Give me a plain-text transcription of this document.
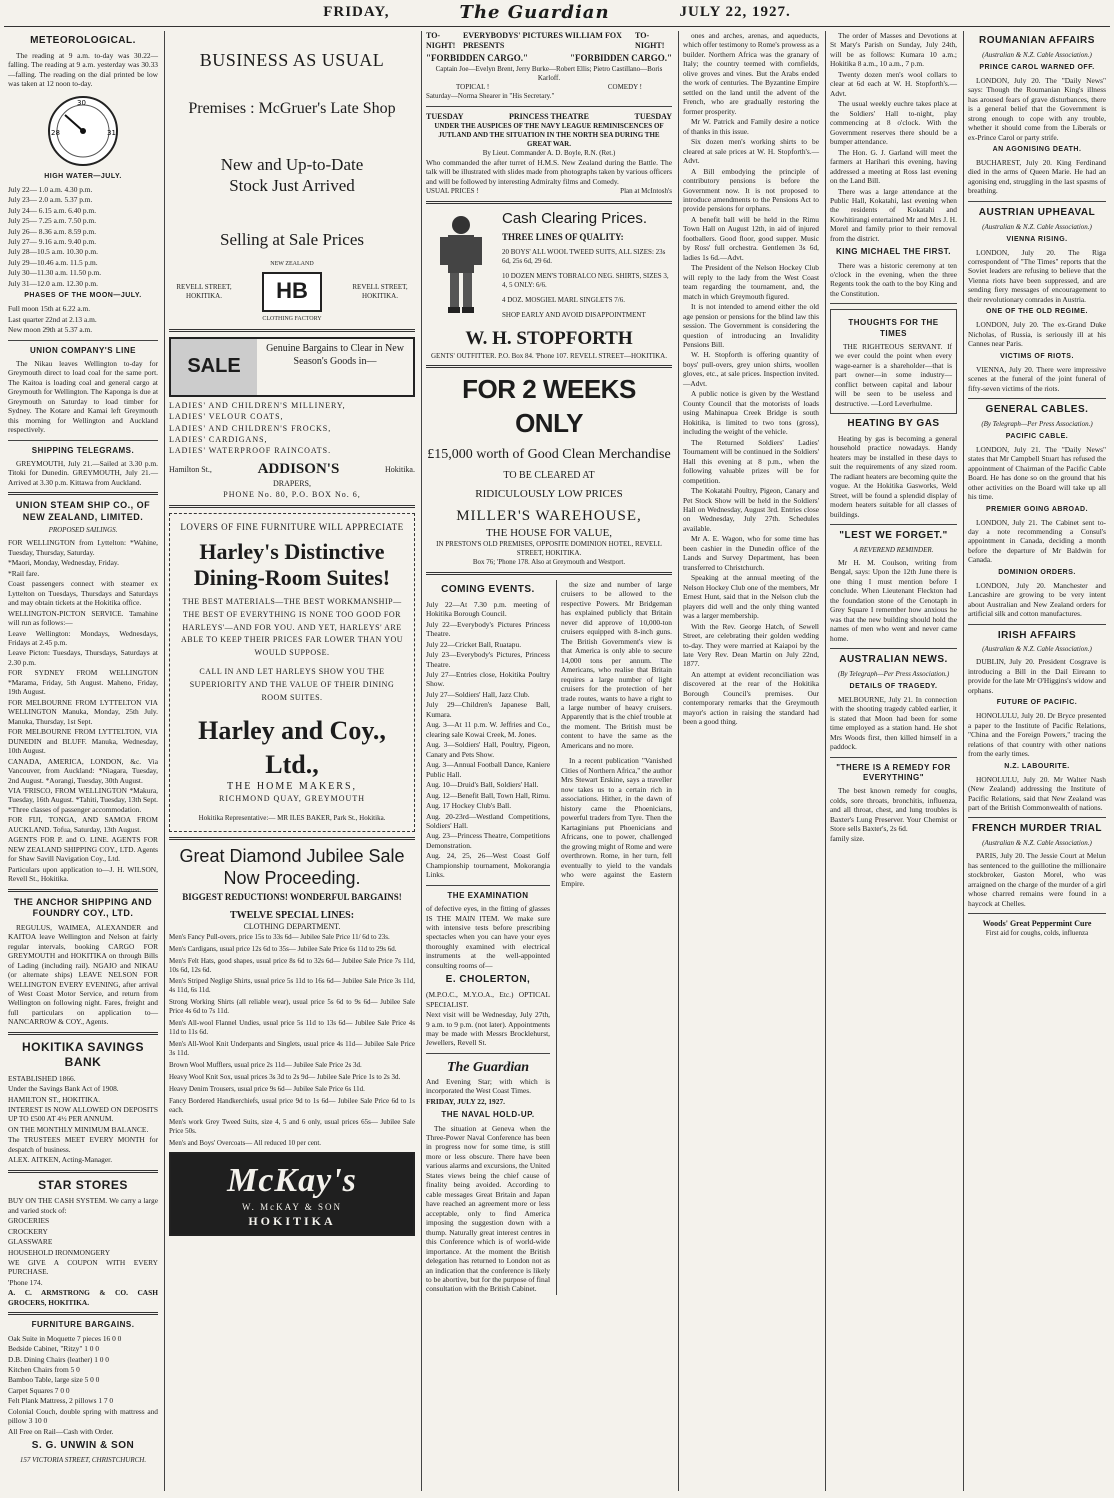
FRIDAY,	The Guardian	JULY 22, 1927.
METEOROLOGICAL.

The reading at 9 a.m. to-day was 30.22—falling. The reading at 9 a.m. yesterday was 30.33—falling. The reading on the dial printed be low was taken at 12 noon to-day.

28	31
30
HIGH WATER—JULY.

July 22— 1.0 a.m. 4.30 p.m.

July 23— 2.0 a.m. 5.37 p.m.

July 24— 6.15 a.m. 6.40 p.m.

July 25— 7.25 a.m. 7.50 p.m.

July 26— 8.36 a.m. 8.59 p.m.

July 27— 9.16 a.m. 9.40 p.m.

July 28—10.5 a.m. 10.30 p.m.

July 29—10.46 a.m. 11.5 p.m.

July 30—11.30 a.m. 11.50 p.m.

July 31—12.0 a.m. 12.30 p.m.

PHASES OF THE MOON—JULY.

Full moon 15th at 6.22 a.m.

Last quarter 22nd at 2.13 a.m.

New moon 29th at 5.37 a.m.

UNION COMPANY'S LINE

The Nikau leaves Wellington to-day for Greymouth direct to load coal for the same port. The Kaitoa is loading coal and general cargo at Greymouth for Wellington. The Kaponga is due at Greymouth on Saturday to load timber for Sydney. The Kotare and Kamai left Greymouth this morning for Wellington and Auckland respectively.

SHIPPING TELEGRAMS.

GREYMOUTH, July 21.—Sailed at 3.30 p.m. Titoki for Dunedin. GREYMOUTH, July 21.—Arrived at 3.30 p.m. Kittawa from Auckland.

UNION STEAM SHIP CO., OF NEW ZEALAND, LIMITED.
PROPOSED SAILINGS.

FOR WELLINGTON from Lyttelton: *Wahine, Tuesday, Thursday, Saturday.

*Maori, Monday, Wednesday, Friday.

*Rail fare.

Coast passengers connect with steamer ex Lyttelton on Tuesdays, Thursdays and Saturdays and may obtain tickets at the Hokitika office.

WELLINGTON-PICTON SERVICE. Tamahine will run as follows:—

Leave Wellington: Mondays, Wednesdays, Fridays at 2.45 p.m.

Leave Picton: Tuesdays, Thursdays, Saturdays at 2.30 p.m.

FOR SYDNEY FROM WELLINGTON *Marama, Friday, 5th August. Maheno, Friday, 19th August.

FOR MELBOURNE FROM LYTTELTON VIA WELLINGTON Manuka, Monday, 25th July. Manuka, Thursday, 1st Sept.

FOR MELBOURNE FROM LYTTELTON, VIA DUNEDIN and BLUFF. Manuka, Wednesday, 10th August.

CANADA, AMERICA, LONDON, &c. Via Vancouver, from Auckland: *Niagara, Tuesday, 2nd August. *Aorangi, Tuesday, 30th August.

VIA 'FRISCO, FROM WELLINGTON *Makura, Tuesday, 16th August. *Tahiti, Tuesday, 13th Sept. *Three classes of passenger accommodation.

FOR FIJI, TONGA, AND SAMOA FROM AUCKLAND. Tofua, Saturday, 13th August.

AGENTS FOR P. and O. LINE. AGENTS FOR NEW ZEALAND SHIPPING COY., LTD. Agents for Shaw Savill Navigation Coy., Ltd.

Particulars upon application to—J. H. WILSON, Revell St., Hokitika.

THE ANCHOR SHIPPING AND FOUNDRY COY., LTD.

REGULUS, WAIMEA, ALEXANDER and KAITOA leave Wellington and Nelson at fairly regular intervals, booking CARGO FOR GREYMOUTH and HOKITIKA on through Bills of Lading (including rail). NGAIO and NIKAU (or alternate ships) LEAVE NELSON FOR WELLINGTON EVERY EVENING, after arrival of West Coast Motor Service, and return from Wellington on following night. Fares, freight and full particulars on application to—NANCARROW & COY., Agents.

HOKITIKA SAVINGS BANK

ESTABLISHED 1866.

Under the Savings Bank Act of 1908.

HAMILTON ST., HOKITIKA.

INTEREST IS NOW ALLOWED ON DEPOSITS UP TO £500 AT 4½ PER ANNUM.

ON THE MONTHLY MINIMUM BALANCE.

The TRUSTEES MEET EVERY MONTH for despatch of business.

ALEX. AITKEN, Acting-Manager.

STAR STORES

BUY ON THE CASH SYSTEM. We carry a large and varied stock of:

GROCERIES

CROCKERY

GLASSWARE

HOUSEHOLD IRONMONGERY

WE GIVE A COUPON WITH EVERY PURCHASE.

'Phone 174.

A. C. ARMSTRONG & CO. CASH GROCERS, HOKITIKA.

FURNITURE BARGAINS.

Oak Suite in Moquette 7 pieces 16 0 0

Bedside Cabinet, "Ritzy" 1 0 0

D.B. Dining Chairs (leather) 1 0 0

Kitchen Chairs from 5 0

Bamboo Table, large size 5 0 0

Carpet Squares 7 0 0

Felt Plank Mattress, 2 pillows 1 7 0

Colonial Couch, double spring with mattress and pillow 3 10 0

All Free on Rail—Cash with Order.

S. G. UNWIN & SON
157 VICTORIA STREET, CHRISTCHURCH.
BUSINESS AS USUAL
Premises : McGruer's Late Shop
New and Up-to-Date Stock Just Arrived
Selling at Sale Prices
REVELL STREET, HOKITIKA.
NEW ZEALAND
HB
CLOTHING FACTORY
REVELL STREET, HOKITIKA.
SALE
Genuine Bargains to Clear in New Season's Goods in—

LADIES' AND CHILDREN'S MILLINERY,

LADIES' VELOUR COATS,

LADIES' AND CHILDREN'S FROCKS,

LADIES' CARDIGANS,

LADIES' WATERPROOF RAINCOATS.

Hamilton St.,	ADDISON'S	Hokitika.
DRAPERS,
PHONE No. 80, P.O. BOX No. 6,
LOVERS OF FINE FURNITURE WILL APPRECIATE
Harley's Distinctive Dining-Room Suites!
THE BEST MATERIALS—THE BEST WORKMANSHIP—THE BEST OF EVERYTHING IS NONE TOO GOOD FOR HARLEYS'—AND FOR YOU. AND YET, HARLEYS' ARE ABLE TO KEEP THEIR PRICES FAR LOWER THAN YOU WOULD SUPPOSE.
CALL IN AND LET HARLEYS SHOW YOU THE SUPERIORITY AND THE VALUE OF THEIR DINING ROOM SUITES.
Harley and Coy., Ltd.,
THE HOME MAKERS,
RICHMOND QUAY, GREYMOUTH
Hokitika Representative:— MR ILES BAKER, Park St., Hokitika.
Great Diamond Jubilee Sale Now Proceeding.
BIGGEST REDUCTIONS! WONDERFUL BARGAINS!
TWELVE SPECIAL LINES:
CLOTHING DEPARTMENT.

Men's Fancy Pull-overs, price 15s to 33s 6d— Jubilee Sale Price 11/ 6d to 23s.

Men's Cardigans, usual price 12s 6d to 35s— Jubilee Sale Price 6s 11d to 29s 6d.

Men's Felt Hats, good shapes, usual price 8s 6d to 32s 6d— Jubilee Sale Price 7s 11d, 10s 6d, 12s 6d.

Men's Striped Neglige Shirts, usual price 5s 11d to 16s 6d— Jubilee Sale Price 3s 11d, 4s 11d, 6s 11d.

Strong Working Shirts (all reliable wear), usual price 5s 6d to 9s 6d— Jubilee Sale Price 4s 6d to 7s 11d.

Men's All-wool Flannel Undies, usual price 5s 11d to 13s 6d— Jubilee Sale Price 4s 11d to 11s 6d.

Men's All-Wool Knit Underpants and Singlets, usual price 4s 11d— Jubilee Sale Price 3s 11d.

Brown Wool Mufflers, usual price 2s 11d— Jubilee Sale Price 2s 3d.

Heavy Wool Knit Sox, usual prices 3s 3d to 2s 9d— Jubilee Sale Price 1s to 2s 3d.

Heavy Denim Trousers, usual price 9s 6d— Jubilee Sale Price 6s 11d.

Fancy Bordered Handkerchiefs, usual price 9d to 1s 6d— Jubilee Sale Price 6d to 1s each.

Men's work Grey Tweed Suits, size 4, 5 and 6 only, usual prices 65s— Jubilee Sale Price 50s.

Men's and Boys' Overcoats— All reduced 10 per cent.

McKay's
W. McKAY & SON
HOKITIKA
TO-NIGHT!
EVERYBODYS' PICTURES WILLIAM FOX PRESENTS
TO-NIGHT!
"FORBIDDEN CARGO."	"FORBIDDEN CARGO."
Captain Joe—Evelyn Brent, Jerry Burke—Robert Ellis; Pietro Castillano—Boris Karloff.
TOPICAL !	COMEDY !
Saturday—Norma Shearer in "His Secretary."
TUESDAY	PRINCESS THEATRE	TUESDAY
UNDER THE AUSPICES OF THE NAVY LEAGUE REMINISCENCES OF JUTLAND AND THE SITUATION IN THE NORTH SEA DURING THE GREAT WAR.
By Lieut. Commander A. D. Boyle, R.N. (Ret.)

Who commanded the after turret of H.M.S. New Zealand during the Battle. The talk will be illustrated with slides made from photographs taken by various officers and will be followed by interesting Admiralty films and Comedy.

USUAL PRICES !	Plan at McIntosh's
Cash Clearing Prices.
THREE LINES OF QUALITY:

20 BOYS' ALL WOOL TWEED SUITS, ALL SIZES: 23s 6d, 25s 6d, 29 6d.

10 DOZEN MEN'S TOBRALCO NEG. SHIRTS, SIZES 3, 4, 5 ONLY: 6/6.

4 DOZ. MOSGIEL MARL SINGLETS 7/6.

SHOP EARLY AND AVOID DISAPPOINTMENT
W. H. STOPFORTH
GENTS' OUTFITTER. P.O. Box 84. 'Phone 107. REVELL STREET—HOKITIKA.
FOR 2 WEEKS ONLY
£15,000 worth of Good Clean Merchandise
TO BE CLEARED AT
RIDICULOUSLY LOW PRICES
MILLER'S WAREHOUSE,
THE HOUSE FOR VALUE,
IN PRESTON'S OLD PREMISES, OPPOSITE DOMINION HOTEL, REVELL STREET, HOKITIKA.
Box 76; 'Phone 178. Also at Greymouth and Westport.
COMING EVENTS.

July 22—At 7.30 p.m. meeting of Hokitika Borough Council.

July 22—Everybody's Pictures Princess Theatre.

July 22—Cricket Ball, Ruatapu.

July 23—Everybody's Pictures, Princess Theatre.

July 27—Entries close, Hokitika Poultry Show.

July 27—Soldiers' Hall, Jazz Club.

July 29—Children's Japanese Ball, Kumara.

Aug. 3—At 11 p.m. W. Jeffries and Co., clearing sale Kowai Creek, M. Jones.

Aug. 3—Soldiers' Hall, Poultry, Pigeon, Canary and Pets Show.

Aug. 3—Annual Football Dance, Kaniere Public Hall.

Aug. 10—Druid's Ball, Soldiers' Hall.

Aug. 12—Benefit Ball, Town Hall, Rimu.

Aug. 17 Hockey Club's Ball.

Aug. 20-23rd—Westland Competitions, Soldiers' Hall.

Aug. 23—Princess Theatre, Competitions Demonstration.

Aug. 24, 25, 26—West Coast Golf Championship tournament, Mokorangia Links.

THE EXAMINATION

of defective eyes, in the fitting of glasses IS THE MAIN ITEM. We make sure with intensive tests before prescribing spectacles when you can have your eyes thoroughly examined with electrical instruments at the well-appointed consulting rooms of—

E. CHOLERTON,

(M.P.O.C., M.Y.O.A., Etc.) OPTICAL SPECIALIST.

Next visit will be Wednesday, July 27th, 9 a.m. to 9 p.m. (not later). Appointments may be made with Messrs Brocklehurst, Jewellers, Revell St.

The Guardian

And Evening Star; with which is incorporated the West Coast Times.

FRIDAY, JULY 22, 1927.

THE NAVAL HOLD-UP.

The situation at Geneva when the Three-Power Naval Conference has been in progress now for some time, is still more or less obscure. There have been various alarms and excursions, the United States views being the chief cause of finality being avoided. According to cable messages Great Britain and Japan have reached an agreement more or less acceptable, only to find America imposing the suggestion down with a thump. Naturally great interest centres in this Conference which is of world-wide importance. At the moment the British delegation has returned to London not as an indication that the conference is likely to be abortive, but for the purpose of final consultation with the British Cabinet.

the size and number of large cruisers to be allowed to the respective Powers. Mr Bridgeman has explained publicly that Britain never did approve of 10,000-ton cruisers equipped with 8-inch guns. The British Government's view is that America is only able to secure 14,000 tons per annum. The Americans, who realise that Britain requires a large number of light cruisers for the protection of her trade routes, wants to have a right to a large number of heavy cruisers. Apparently that is the chief trouble at the moment. The British must be content to have the same as the Americans and no more.

In a recent publication "Vanished Cities of Northern Africa," the author Mrs Stewart Erskine, says a traveller now takes us to a certain rich in associations. Hither, in the dawn of history came the Phoenicians, powerful traders from Tyre. Then the Kartaginians put Phoenicians and Africans, one to power, challenged the growing might of Rome and were overthrown. Rome, in her turn, fell eventually to yield to the vandals who were against the Eastern Empire.

ones and arches, arenas, and aqueducts, which offer testimony to Rome's prowess as a builder. Northern Africa was the granary of Italy; the country teemed with cornfields, olive groves and vines. But the Arabs ended the work of centuries. The Byzantine Empire settled on the land until the advent of the French, who are gradually restoring the former prosperity.

Mr W. Patrick and Family desire a notice of thanks in this issue.

Six dozen men's working shirts to be cleared at sale prices at W. H. Stopforth's.—Advt.

A Bill embodying the principle of contributory pensions is before the Government now. It is not proposed to introduce amendments to the Pensions Act to provide pensions for orphans.

A benefit ball will be held in the Rimu Town Hall on August 12th, in aid of injured footballers. Good floor, good supper. Music by Ross' full orchestra. Gentlemen 3s 6d, ladies 1s 6d.—Advt.

The President of the Nelson Hockey Club will reply to the lady from the West Coast team regarding the tournament, and, the match in which Greymouth figured.

It is not intended to amend either the old age pension or pensions for the blind law this session. The Government is considering the question of introducing an Invalidity Pensions Bill.

W. H. Stopforth is offering quantity of boys' pull-overs, grey union shirts, woollen gloves, etc., at sale prices. Inspection invited.—Advt.

A public notice is given by the Westland County Council that the motorists of loads using Mahinapua Creek Bridge is south Hokitika, is limited to two tons (gross), including the weight of the vehicle.

The Returned Soldiers' Ladies' Tournament will be continued in the Soldiers' Hall this evening at 8 p.m., when the following valuable prizes will be for competition.

The Kokatahi Poultry, Pigeon, Canary and Pet Stock Show will be held in the Soldiers' Hall on Wednesday, August 3rd. Entries close on Wednesday, July 27th. Schedules available.

Mr A. E. Wagon, who for some time has been cashier in the Dunedin office of the Lands and Survey Department, has been transferred to Christchurch.

Speaking at the annual meeting of the Nelson Hockey Club one of the members, Mr Ernest Hunt, said that in the Nelson club the players did well and the only thing wanted was a larger membership.

With the Rev. George Hatch, of Sewell Street, are celebrating their golden wedding to-day. They were married at Kaiapoi by the late Very Rev. Dean Martin on July 22nd, 1877.

An attempt at evident reconciliation was discovered at the rear of the Hokitika Borough Council's premises. Our contemporary remarks that the Greymouth mayor's action in raising the standard had been a good thing.

The order of Masses and Devotions at St Mary's Parish on Sunday, July 24th, will be as follows: Kumara 10 a.m.; Hokitika 8 a.m., 10 a.m., 7 p.m.

Twenty dozen men's wool collars to clear at 6d each at W. H. Stopforth's.—Advt.

The usual weekly euchre takes place at the Soldiers' Hall to-night, play commencing at 8 o'clock. With the Government reserves there should be a bumper attendance.

The Hon. G. J. Garland will meet the farmers at Harihari this evening, having addressed a meeting at Ross last evening on the Land Bill.

There was a large attendance at the Public Hall, Kokatahi, last evening when the residents of Kokatahi and Kowhitirangi entertained Mr and Mrs J. H. Morel and family prior to their removal from the district.

KING MICHAEL THE FIRST.

There was a historic ceremony at ten o'clock in the evening, when the three Regents took the oath to the boy King and the Constitution.

THOUGHTS FOR THE TIMES

THE RIGHTEOUS SERVANT. If we ever could the point when every wage-earner is a shareholder—that is part owner—in some industry—conflict between capital and labour will be seen to be useless and destructive. —Lord Leverhulme.

HEATING BY GAS

Heating by gas is becoming a general household practice nowadays. Handy heaters may be installed in these days to suit the requirements of any sized room. The radiant heaters are becoming quite the vogue. At the Hokitika Gasworks, Weld Street, will be found a splendid display of modern heaters suitable for all classes of buildings.

"LEST WE FORGET."
A REVEREND REMINDER.

Mr H. M. Coulson, writing from Bengal, says: Upon the 12th June there is one thing I must mention before I conclude. When Lieutenant Fleckton had the foundation stone of the Cenotaph in Grey Square I remember how anxious he was that the new building should hold the names of men who went and never came home.

AUSTRALIAN NEWS.
(By Telegraph—Per Press Association.)
DETAILS OF TRAGEDY.

MELBOURNE, July 21. In connection with the shooting tragedy cabled earlier, it is stated that Moon had been for some time employed as a station hand. He shot Mrs Woods first, then killed himself in a paddock.

"THERE IS A REMEDY FOR EVERYTHING"

The best known remedy for coughs, colds, sore throats, bronchitis, influenza, and all throat, chest, and lung troubles is Baxter's Lung Preserver. Your Chemist or Store sells Baxter's, 2s 6d.

family size.

ROUMANIAN AFFAIRS
(Australian & N.Z. Cable Association.)
PRINCE CAROL WARNED OFF.

LONDON, July 20. The "Daily News" says: Though the Roumanian King's illness has aroused fears of grave disturbances, there is a general belief that the Government is strong enough to cope with any trouble, whether it should come from the Liberals or ex-Prince Carol or party strife.

AN AGONISING DEATH.

BUCHAREST, July 20. King Ferdinand died in the arms of Queen Marie. He had an agonising end, struggling in the last spasms of breathing.

AUSTRIAN UPHEAVAL
(Australian & N.Z. Cable Association.)
VIENNA RISING.

LONDON, July 20. The Riga correspondent of "The Times" reports that the Soviet leaders are refusing to believe that the Vienna riots have been suppressed, and are sending fiery messages of encouragement to their revolutionary comrades in Austria.

ONE OF THE OLD REGIME.

LONDON, July 20. The ex-Grand Duke Nicholas, of Russia, is seriously ill at his Cannes near Paris.

VICTIMS OF RIOTS.

VIENNA, July 20. There were impressive scenes at the funeral of the joint funeral of fifty-seven victims of the riots.

GENERAL CABLES.
(By Telegraph—Per Press Association.)
PACIFIC CABLE.

LONDON, July 21. The "Daily News" states that Mr Campbell Stuart has refused the appointment of Chairman of the Pacific Cable Board. He has done so on the ground that his other activities on the Board will take up all his time.

PREMIER GOING ABROAD.

LONDON, July 21. The Cabinet sent to-day a note recommending a Consul's appointment in Canada, deciding a month before the departure of Mr Baldwin for Canada.

DOMINION ORDERS.

LONDON, July 20. Manchester and Lancashire are growing to be very intent about Australian and New Zealand orders for artificial silk and cotton manufactures.

IRISH AFFAIRS
(Australian & N.Z. Cable Association.)

DUBLIN, July 20. President Cosgrave is introducing a Bill in the Dail Eireann to provide for the late Mr O'Higgins's widow and orphans.

FUTURE OF PACIFIC.

HONOLULU, July 20. Dr Bryce presented a paper to the Institute of Pacific Relations, "China and the Foreign Powers," tracing the relations of that country with other nations from the early times.

N.Z. LABOURITE.

HONOLULU, July 20. Mr Walter Nash (New Zealand) addressing the Institute of Pacific Relations, said that New Zealand was part of the British Commonwealth of nations.

FRENCH MURDER TRIAL
(Australian & N.Z. Cable Association.)

PARIS, July 20. The Jessie Court at Melun has sentenced to the guillotine the millionaire stockbroker, Gaston Morel, who was arraigned on the charge of the murder of a girl whose charred remains were found in a haycock at Chelles.

Woods' Great Peppermint Cure
First aid for coughs, colds, influenza
